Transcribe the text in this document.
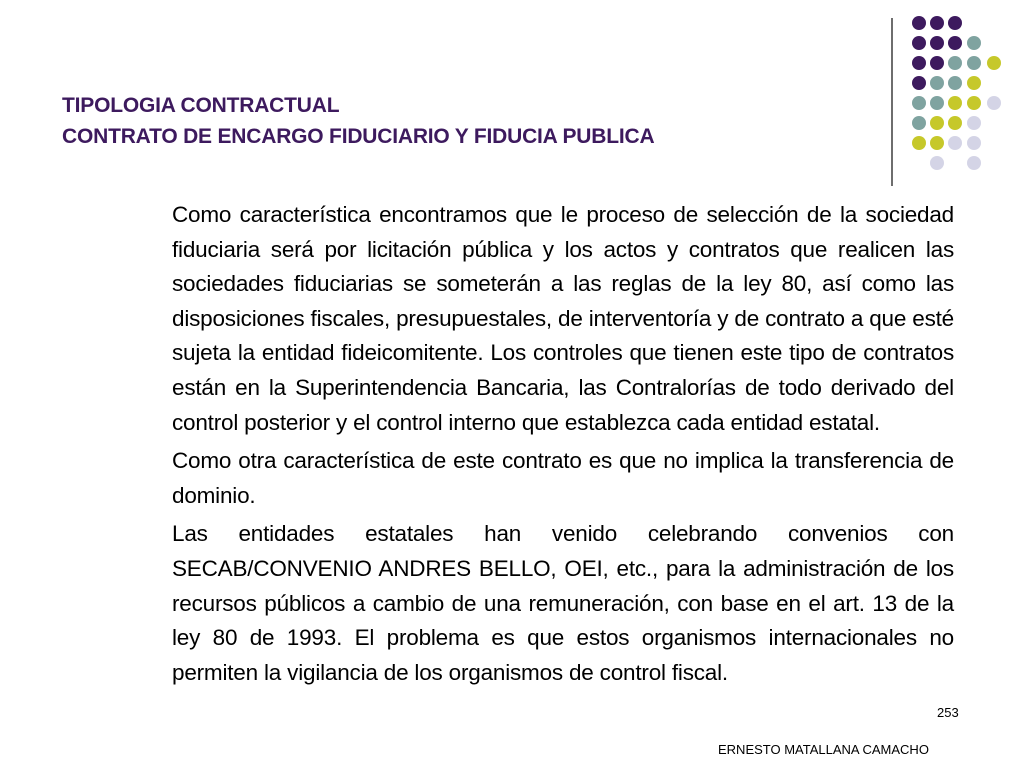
TIPOLOGIA CONTRACTUAL
CONTRATO DE ENCARGO FIDUCIARIO Y FIDUCIA PUBLICA

Como característica encontramos que le proceso de selección de la sociedad fiduciaria será por licitación pública y los actos y contratos que realicen las sociedades fiduciarias se someterán a las reglas de la ley 80, así como las disposiciones fiscales, presupuestales, de interventoría y de contrato a que esté sujeta la entidad fideicomitente. Los controles que tienen este tipo de contratos están en la Superintendencia Bancaria, las Contralorías de todo derivado del control posterior y el control interno que establezca cada entidad estatal.

Como otra característica de este contrato es que no implica la transferencia de dominio.

Las entidades estatales han venido celebrando convenios con SECAB/CONVENIO ANDRES BELLO, OEI, etc., para la administración de los recursos públicos a cambio de una remuneración, con base en el art. 13 de la ley 80 de 1993. El problema es que estos organismos internacionales no permiten la vigilancia de los organismos de control fiscal.

253
ERNESTO MATALLANA CAMACHO
